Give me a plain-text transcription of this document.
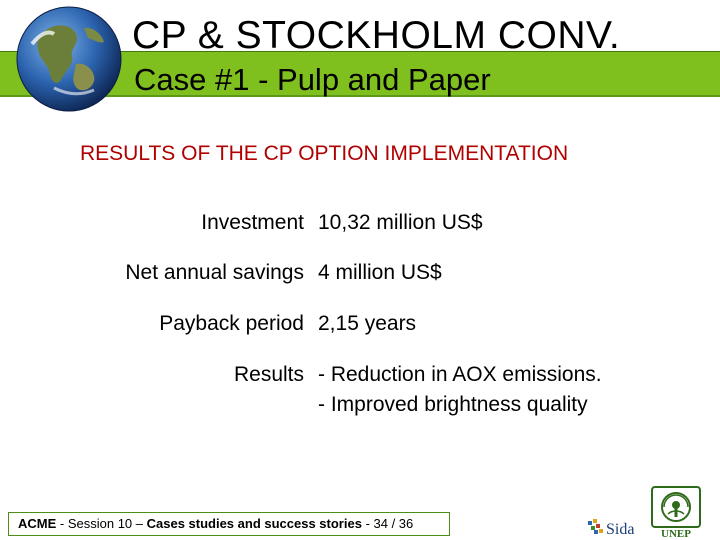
CP & STOCKHOLM CONV.
Case #1 - Pulp and Paper
RESULTS OF THE CP OPTION IMPLEMENTATION
Investment 10,32 million US$
Net annual savings 4 million US$
Payback period 2,15 years
Results - Reduction in AOX emissions.
- Improved brightness quality
ACME - Session 10 – Cases studies and success stories - 34 / 36	Sida UNEP
